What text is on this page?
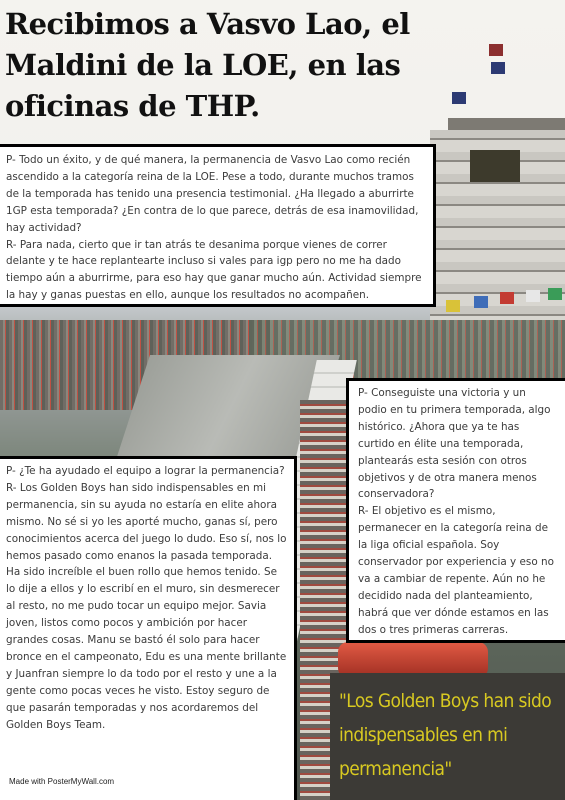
Recibimos a Vasvo Lao, el Maldini de la LOE, en las oficinas de THP.

P- Todo un éxito, y de qué manera, la permanencia de Vasvo Lao como recién ascendido a la categoría reina de la LOE. Pese a todo, durante muchos tramos de la temporada has tenido una presencia testimonial. ¿Ha llegado a aburrirte 1GP esta temporada? ¿En contra de lo que parece, detrás de esa inamovilidad, hay actividad?

R- Para nada, cierto que ir tan atrás te desanima porque vienes de correr delante y te hace replantearte incluso si vales para igp pero no me ha dado tiempo aún a aburrirme, para eso hay que ganar mucho aún. Actividad siempre la hay y ganas puestas en ello, aunque los resultados no acompañen.

P- Conseguiste una victoria y un podio en tu primera temporada, algo histórico. ¿Ahora que ya te has curtido en élite una temporada, plantearás esta sesión con otros objetivos y de otra manera menos conservadora?

R- El objetivo es el mismo, permanecer en la categoría reina de la liga oficial española. Soy conservador por experiencia y eso no va a cambiar de repente. Aún no he decidido nada del planteamiento, habrá que ver dónde estamos en las dos o tres primeras carreras.

P- ¿Te ha ayudado el equipo a lograr la permanencia?

R- Los Golden Boys han sido indispensables en mi permanencia, sin su ayuda no estaría en elite ahora mismo. No sé si yo les aporté mucho, ganas sí, pero conocimientos acerca del juego lo dudo. Eso sí, nos lo hemos pasado como enanos la pasada temporada. Ha sido increíble el buen rollo que hemos tenido. Se lo dije a ellos y lo escribí en el muro, sin desmerecer al resto, no me pudo tocar un equipo mejor. Savia joven, listos como pocos y ambición por hacer grandes cosas. Manu se bastó él solo para hacer bronce en el campeonato, Edu es una mente brillante y Juanfran siempre lo da todo por el resto y une a la gente como pocas veces he visto. Estoy seguro de que pasarán temporadas y nos acordaremos del Golden Boys Team.

Made with PosterMyWall.com

"Los Golden Boys han sido indispensables en mi permanencia"
